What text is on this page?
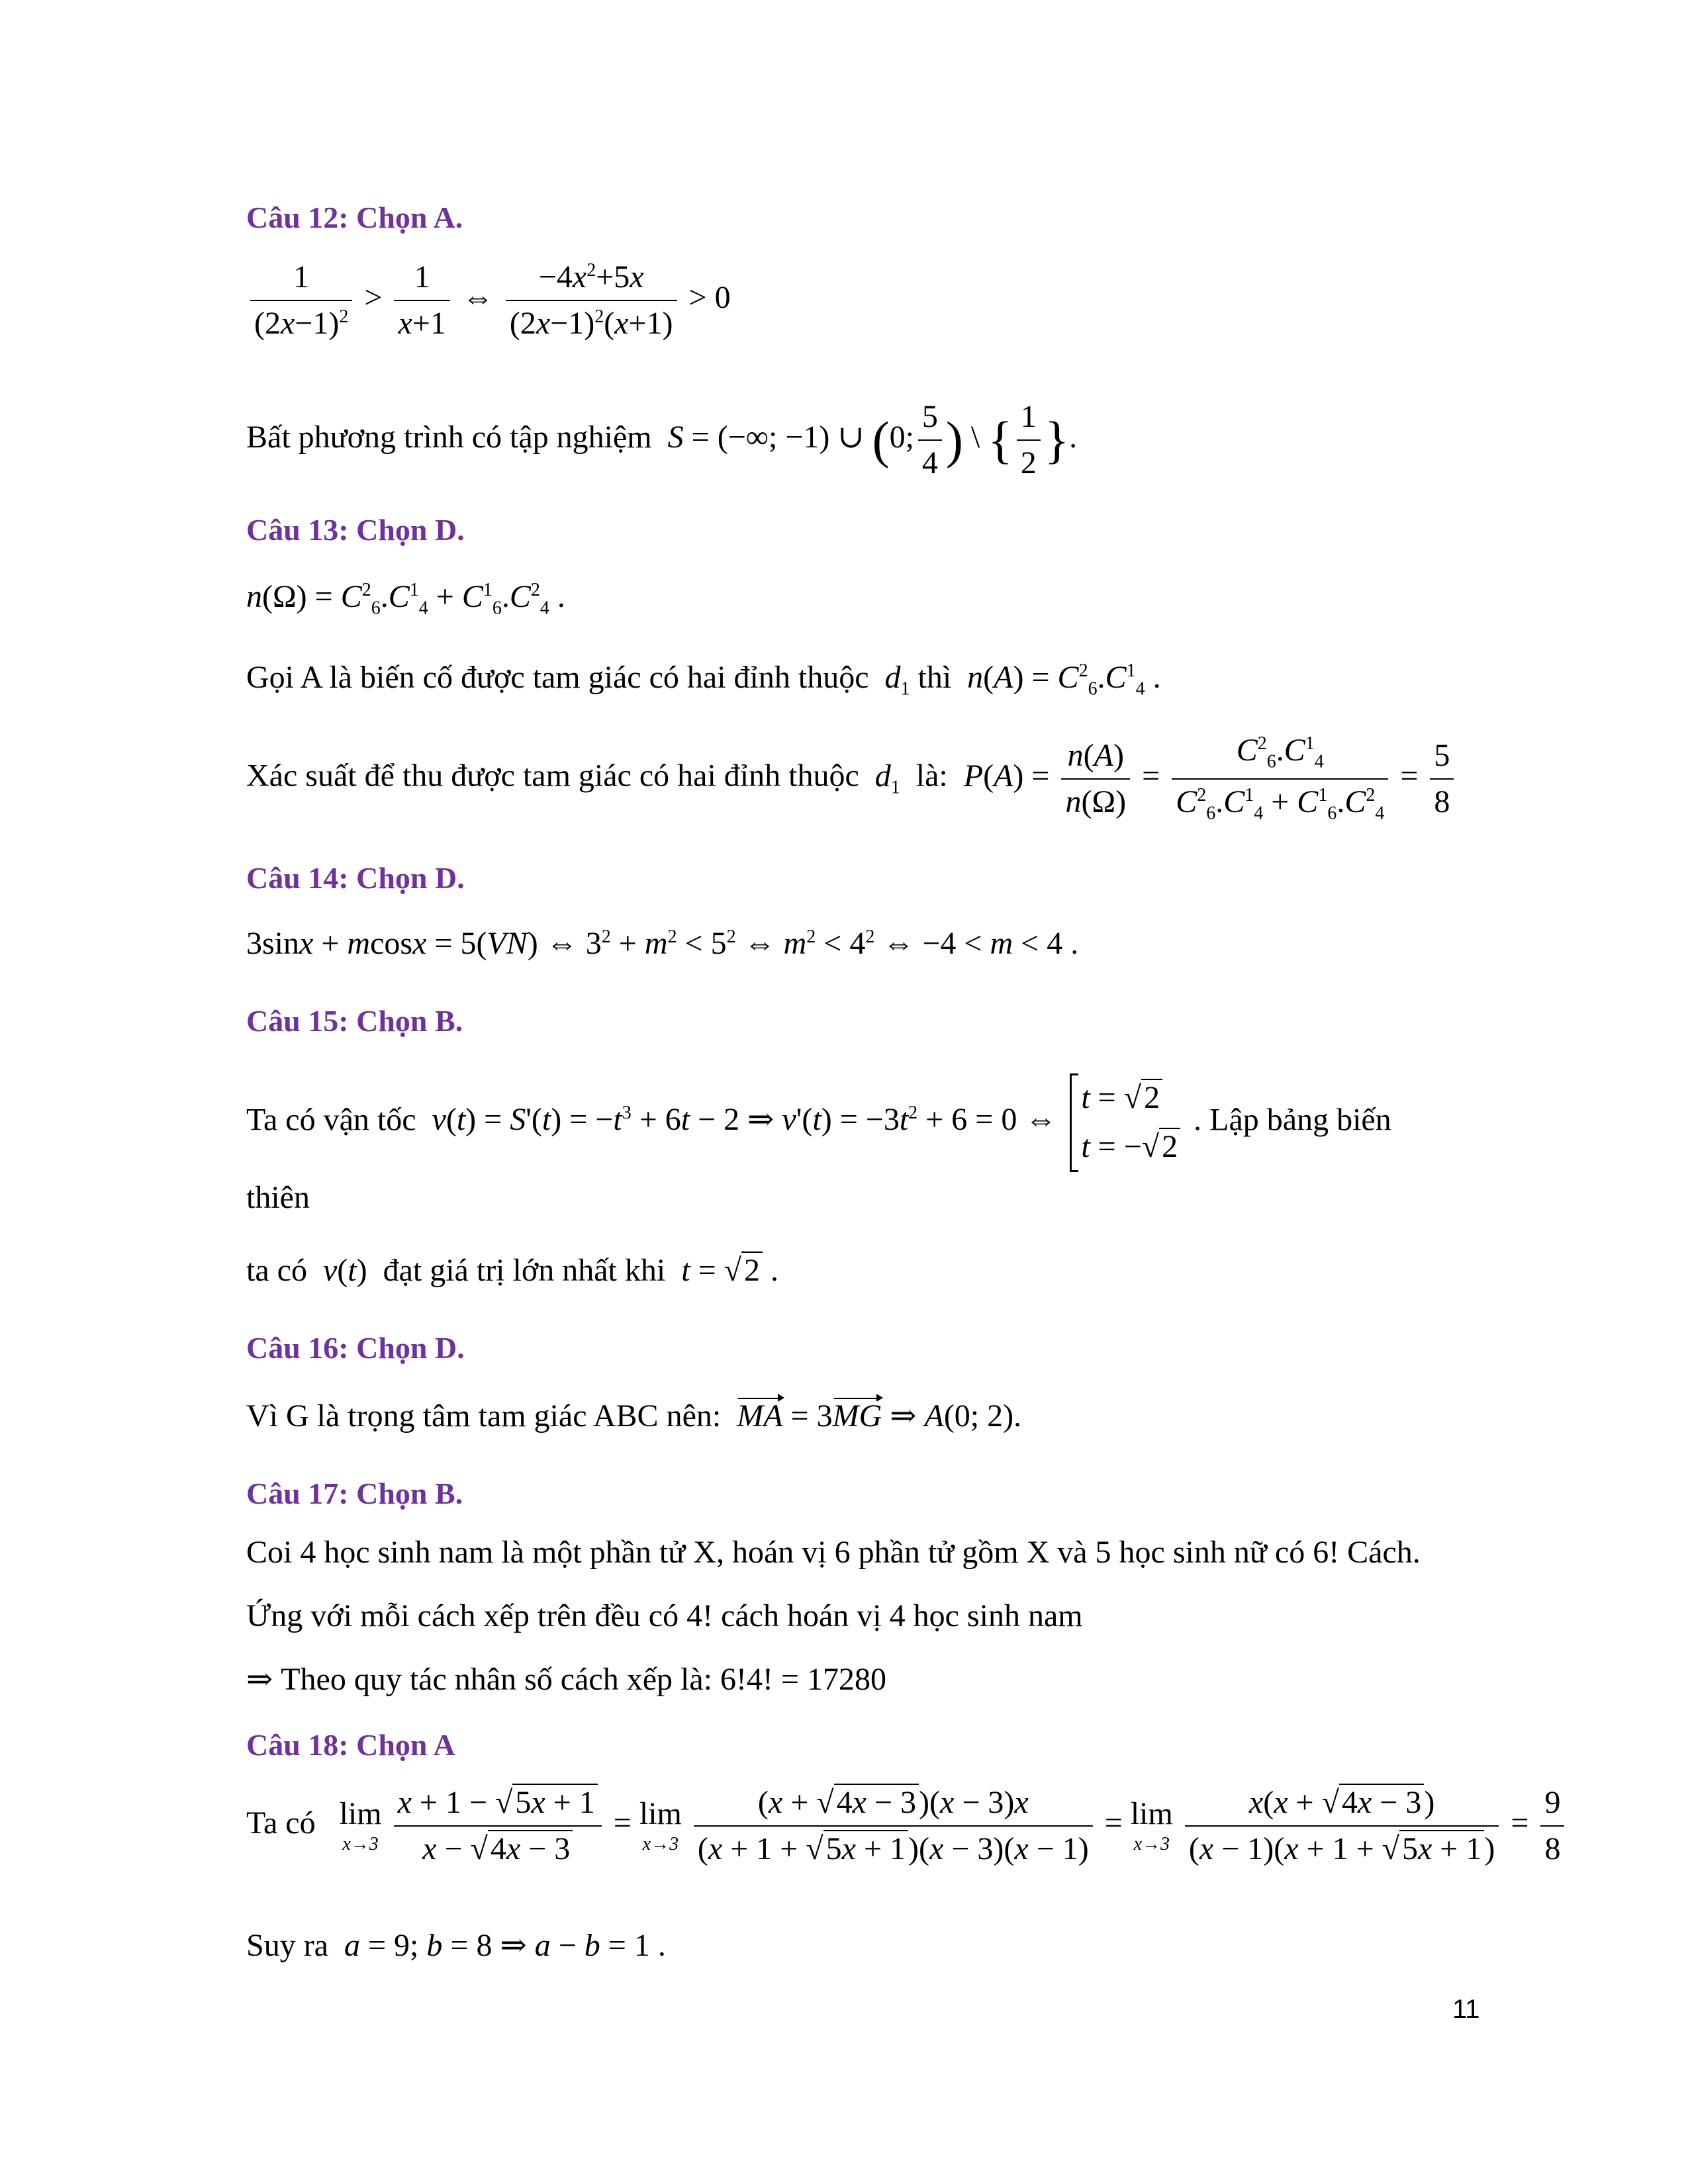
Câu 12: Chọn A.
$\frac{1}{(2x-1)^2} > \frac{1}{x+1}$ ⇔ $\frac{-4x^2+5x}{(2x-1)^2(x+1)} > 0$
Bất phương trình có tập nghiệm S = (−∞; −1) ∪ (0; $\frac{5}{4}$ ) \ { $\frac{1}{2}$ }.
Câu 13: Chọn D.
$n(\Omega) = C^2_6.C^1_4 + C^1_6.C^2_4$ .
Gọi A là biến cố được tam giác có hai đỉnh thuộc $d_1$ thì $n(A) = C^2_6.C^1_4$ .
Xác suất để thu được tam giác có hai đỉnh thuộc $d_1$ là: $P(A) = \frac{n(A)}{n(\Omega)} = \frac{C^2_6.C^1_4}{C^2_6.C^1_4 + C^1_6.C^2_4} = \frac{5}{8}$
Câu 14: Chọn D.
3sinx + mcosx = 5(VN) ⇔ $3^2 + m^2 < 5^2$ ⇔ $m^2 < 4^2$ ⇔ −4 < m < 4 .
Câu 15: Chọn B.
Ta có vận tốc $v(t) = S'(t) = -t^3 + 6t - 2$ ⇒ $v'(t) = -3t^2 + 6 = 0$ ⇔ t = √2
t = −√2 . Lập bảng biến
thiên
ta có v(t)  đạt giá trị lớn nhất khi t = √2 .
Câu 16: Chọn D.
Vì G là trọng tâm tam giác ABC nên: MA = 3MG ⇒ A(0; 2).
Câu 17: Chọn B.
Coi 4 học sinh nam là một phần tử X, hoán vị 6 phần tử gồm X và 5 học sinh nữ có 6! Cách.
Ứng với mỗi cách xếp trên đều có 4! cách hoán vị 4 học sinh nam
⇒ Theo quy tác nhân số cách xếp là: 6!4! = 17280
Câu 18: Chọn A
Ta có lim
x→3
$\frac{x + 1 - √5x + 1}{x - √4x - 3} = \lim$
x→3
$\frac{(x + √4x - 3)(x - 3)x}{(x + 1 + √5x + 1)(x - 3)(x - 1)} = \lim$
x→3
$\frac{x(x + √4x - 3)}{(x - 1)(x + 1 + √5x + 1)} = \frac{9}{8}$
Suy ra a = 9; b = 8 ⇒ a − b = 1 .
11
